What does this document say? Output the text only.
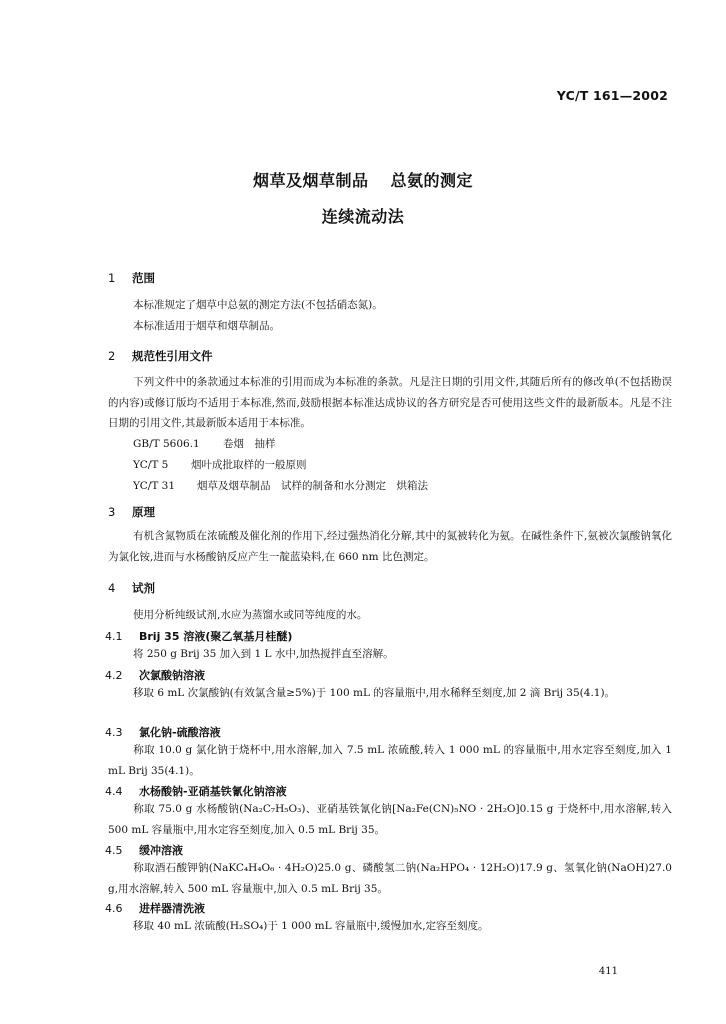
YC/T 161—2002
烟草及烟草制品 总氨的测定
连续流动法
1 范围
本标准规定了烟草中总氨的测定方法(不包括硝态氮)。
本标准适用于烟草和烟草制品。
2 规范性引用文件
下列文件中的条款通过本标准的引用而成为本标准的条款。凡是注日期的引用文件,其随后所有的修改单(不包括勘误的内容)或修订版均不适用于本标准,然而,鼓励根据本标准达成协议的各方研究是否可使用这些文件的最新版本。凡是不注日期的引用文件,其最新版本适用于本标准。
GB/T 5606.1 卷烟　抽样
YC/T 5 烟叶成批取样的一般原则
YC/T 31 烟草及烟草制品　试样的制备和水分测定　烘箱法
3 原理
有机含氮物质在浓硫酸及催化剂的作用下,经过强热消化分解,其中的氮被转化为氨。在碱性条件下,氨被次氯酸钠氧化为氯化铵,进而与水杨酸钠反应产生一靛蓝染料,在 660 nm 比色测定。
4 试剂
使用分析纯级试剂,水应为蒸馏水或同等纯度的水。
4.1 Brij 35 溶液(聚乙氧基月桂醚)
将 250 g Brij 35 加入到 1 L 水中,加热搅拌直至溶解。
4.2 次氯酸钠溶液
移取 6 mL 次氯酸钠(有效氯含量≥5%)于 100 mL 的容量瓶中,用水稀释至刻度,加 2 滴 Brij 35(4.1)。
4.3 氯化钠-硫酸溶液
称取 10.0 g 氯化钠于烧杯中,用水溶解,加入 7.5 mL 浓硫酸,转入 1 000 mL 的容量瓶中,用水定容至刻度,加入 1 mL Brij 35(4.1)。
4.4 水杨酸钠-亚硝基铁氰化钠溶液
称取 75.0 g 水杨酸钠(Na₂C₇H₅O₃)、亚硝基铁氰化钠[Na₂Fe(CN)₅NO · 2H₂O]0.15 g 于烧杯中,用水溶解,转入 500 mL 容量瓶中,用水定容至刻度,加入 0.5 mL Brij 35。
4.5 缓冲溶液
称取酒石酸钾钠(NaKC₄H₄O₆ · 4H₂O)25.0 g、磷酸氢二钠(Na₂HPO₄ · 12H₂O)17.9 g、氢氧化钠(NaOH)27.0 g,用水溶解,转入 500 mL 容量瓶中,加入 0.5 mL Brij 35。
4.6 进样器清洗液
移取 40 mL 浓硫酸(H₂SO₄)于 1 000 mL 容量瓶中,缓慢加水,定容至刻度。
411
